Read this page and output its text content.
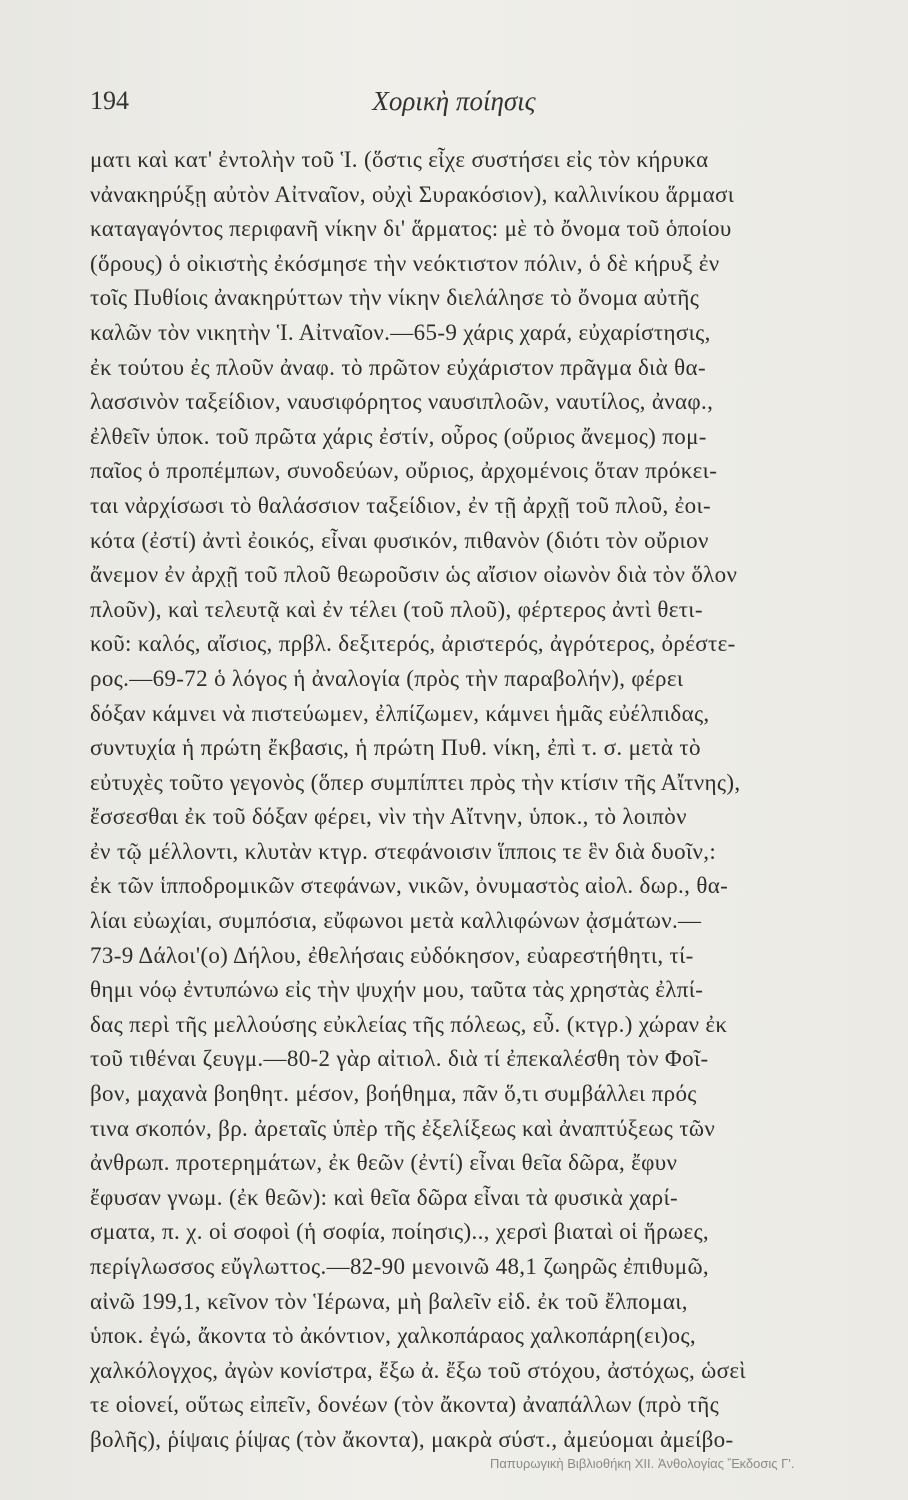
194	Χορικὴ ποίησις
ματι καὶ κατ' ἐντολὴν τοῦ Ἱ. (ὅστις εἶχε συστήσει εἰς τὸν κήρυκα
νἀνακηρύξῃ αὐτὸν Αἰτναῖον, οὐχὶ Συρακόσιον), καλλινίκου ἅρμασι
καταγαγόντος περιφανῆ νίκην δι' ἅρματος: μὲ τὸ ὄνομα τοῦ ὁποίου
(ὅρους) ὁ οἰκιστὴς ἐκόσμησε τὴν νεόκτιστον πόλιν, ὁ δὲ κήρυξ ἐν
τοῖς Πυθίοις ἀνακηρύττων τὴν νίκην διελάλησε τὸ ὄνομα αὐτῆς
καλῶν τὸν νικητὴν Ἱ. Αἰτναῖον.—65-9 χάρις χαρά, εὐχαρίστησις,
ἐκ τούτου ἐς πλοῦν ἀναφ. τὸ πρῶτον εὐχάριστον πρᾶγμα διὰ θα-
λασσινὸν ταξείδιον, ναυσιφόρητος ναυσιπλοῶν, ναυτίλος, ἀναφ.,
ἐλθεῖν ὑποκ. τοῦ πρῶτα χάρις ἐστίν, οὖρος (οὔριος ἄνεμος) πομ-
παῖος ὁ προπέμπων, συνοδεύων, οὔριος, ἀρχομένοις ὅταν πρόκει-
ται νἀρχίσωσι τὸ θαλάσσιον ταξείδιον, ἐν τῇ ἀρχῇ τοῦ πλοῦ, ἐοι-
κότα (ἐστί) ἀντὶ ἐοικός, εἶναι φυσικόν, πιθανὸν (διότι τὸν οὔριον
ἄνεμον ἐν ἀρχῇ τοῦ πλοῦ θεωροῦσιν ὡς αἴσιον οἰωνὸν διὰ τὸν ὅλον
πλοῦν), καὶ τελευτᾷ καὶ ἐν τέλει (τοῦ πλοῦ), φέρτερος ἀντὶ θετι-
κοῦ: καλός, αἴσιος, πρβλ. δεξιτερός, ἀριστερός, ἀγρότερος, ὀρέστε-
ρος.—69-72 ὁ λόγος ἡ ἀναλογία (πρὸς τὴν παραβολήν), φέρει
δόξαν κάμνει νὰ πιστεύωμεν, ἐλπίζωμεν, κάμνει ἡμᾶς εὐέλπιδας,
συντυχία ἡ πρώτη ἔκβασις, ἡ πρώτη Πυθ. νίκη, ἐπὶ τ. σ. μετὰ τὸ
εὐτυχὲς τοῦτο γεγονὸς (ὅπερ συμπίπτει πρὸς τὴν κτίσιν τῆς Αἴτνης),
ἔσσεσθαι ἐκ τοῦ δόξαν φέρει, νὶν τὴν Αἴτνην, ὑποκ., τὸ λοιπὸν
ἐν τῷ μέλλοντι, κλυτὰν κτγρ. στεφάνοισιν ἵπποις τε ἓν διὰ δυοῖν,:
ἐκ τῶν ἱπποδρομικῶν στεφάνων, νικῶν, ὀνυμαστὸς αἰολ. δωρ., θα-
λίαι εὐωχίαι, συμπόσια, εὔφωνοι μετὰ καλλιφώνων ᾀσμάτων.—
73-9 Δάλοι'(ο) Δήλου, ἐθελήσαις εὐδόκησον, εὐαρεστήθητι, τί-
θημι νόῳ ἐντυπώνω εἰς τὴν ψυχήν μου, ταῦτα τὰς χρηστὰς ἐλπί-
δας περὶ τῆς μελλούσης εὐκλείας τῆς πόλεως, εὖ. (κτγρ.) χώραν ἐκ
τοῦ τιθέναι ζευγμ.—80-2 γὰρ αἰτιολ. διὰ τί ἐπεκαλέσθη τὸν Φοῖ-
βον, μαχανὰ βοηθητ. μέσον, βοήθημα, πᾶν ὅ,τι συμβάλλει πρός
τινα σκοπόν, βρ. ἀρεταῖς ὑπὲρ τῆς ἐξελίξεως καὶ ἀναπτύξεως τῶν
ἀνθρωπ. προτερημάτων, ἐκ θεῶν (ἐντί) εἶναι θεῖα δῶρα, ἔφυν
ἔφυσαν γνωμ. (ἐκ θεῶν): καὶ θεῖα δῶρα εἶναι τὰ φυσικὰ χαρί-
σματα, π. χ. οἱ σοφοὶ (ἡ σοφία, ποίησις).., χερσὶ βιαταὶ οἱ ἥρωες,
περίγλωσσος εὔγλωττος.—82-90 μενοινῶ 48,1 ζωηρῶς ἐπιθυμῶ,
αἰνῶ 199,1, κεῖνον τὸν Ἱέρωνα, μὴ βαλεῖν εἰδ. ἐκ τοῦ ἔλπομαι,
ὑποκ. ἐγώ, ἄκοντα τὸ ἀκόντιον, χαλκοπάραος χαλκοπάρη(ει)ος,
χαλκόλογχος, ἀγὼν κονίστρα, ἔξω ἀ. ἔξω τοῦ στόχου, ἀστόχως, ὡσεὶ
τε οἱονεί, οὕτως εἰπεῖν, δονέων (τὸν ἄκοντα) ἀναπάλλων (πρὸ τῆς
βολῆς), ῥίψαις ῥίψας (τὸν ἄκοντα), μακρὰ σύστ., ἀμεύομαι ἀμείβο-
Παπυρωγικὴ Βιβλιοθήκη ΧΙΙ. Ἀνθολογίας Ἔκδοσις Γ'.
